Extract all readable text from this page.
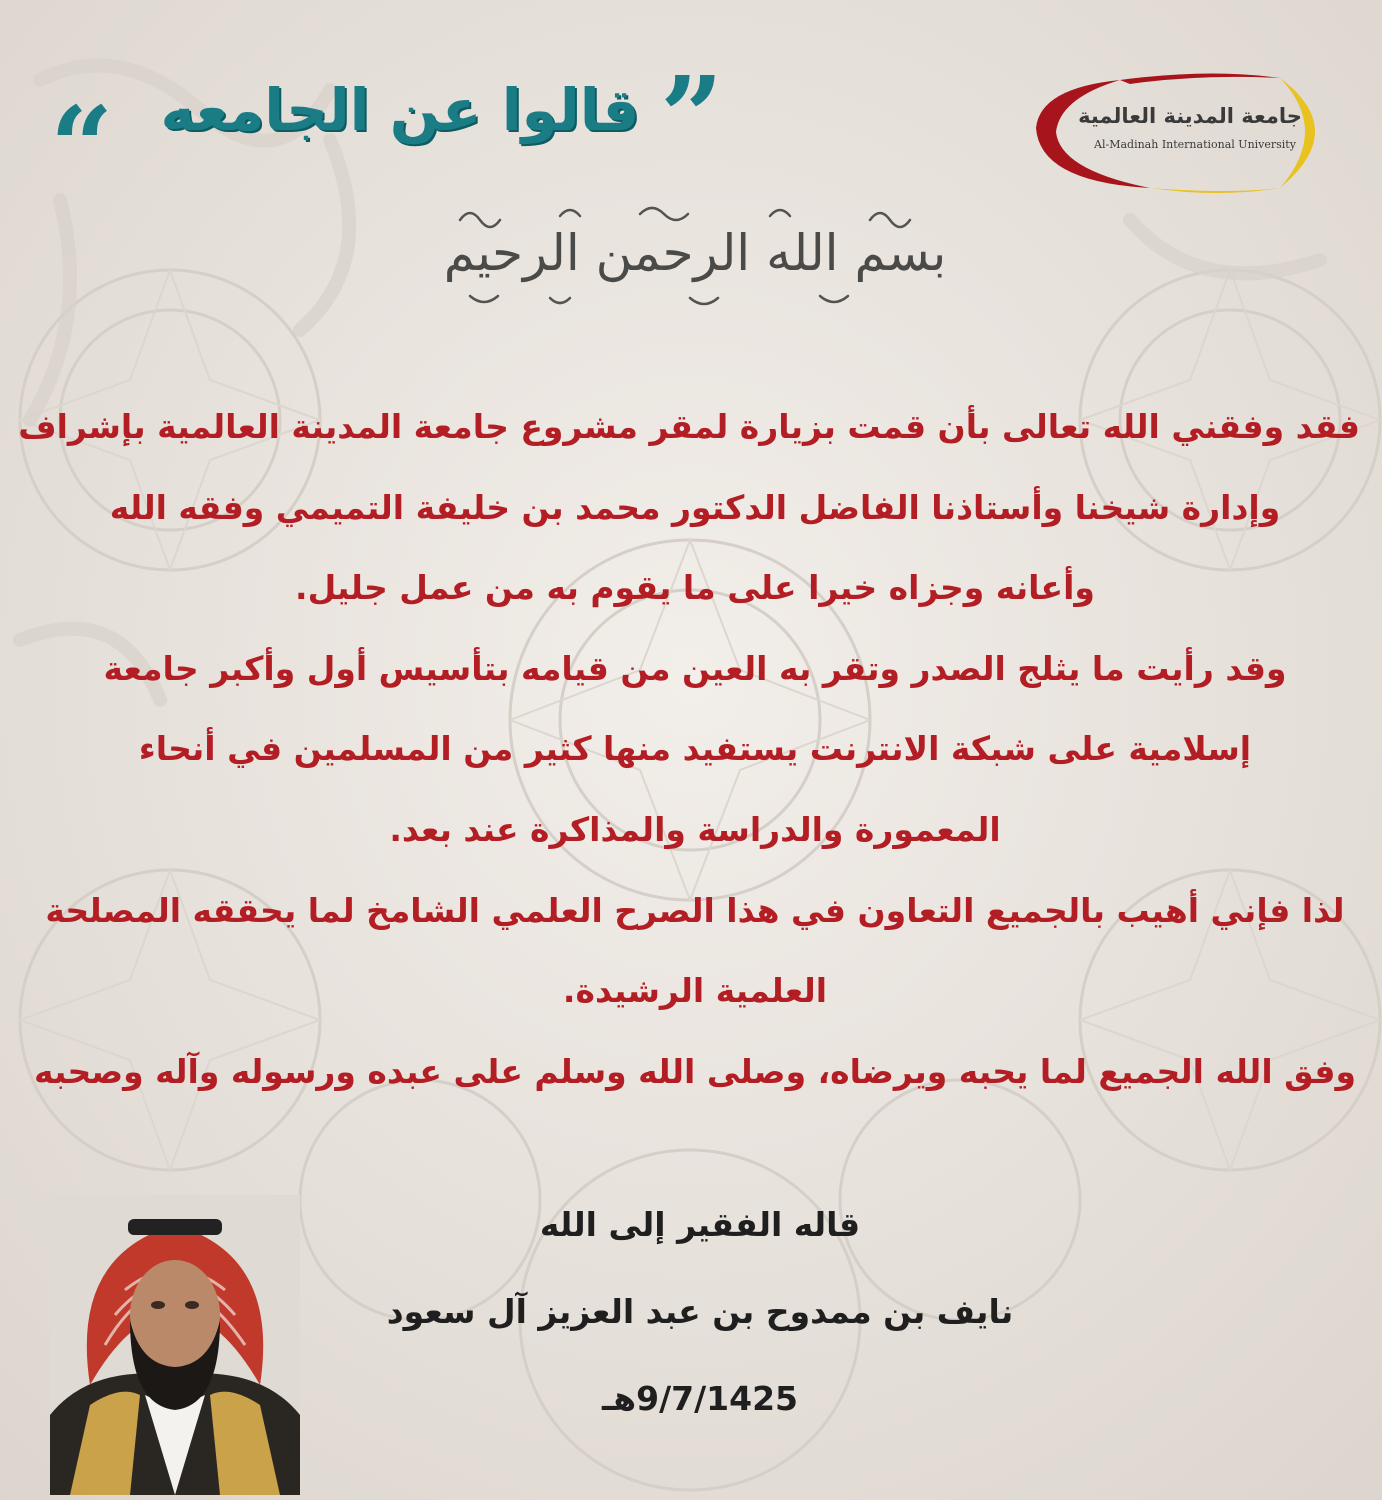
جامعة المدينة العالمية
Al-Madinah International University
”
قالوا عن الجامعه
“
بسم الله الرحمن الرحيم
فقد وفقني الله تعالى بأن قمت بزيارة لمقر مشروع جامعة المدينة العالمية بإشراف
وإدارة شيخنا وأستاذنا الفاضل الدكتور محمد بن خليفة التميمي وفقه الله
وأعانه وجزاه خيرا على ما يقوم به من عمل جليل.
وقد رأيت ما يثلج الصدر وتقر به العين من قيامه بتأسيس أول وأكبر جامعة
إسلامية على شبكة الانترنت يستفيد منها كثير من المسلمين في أنحاء
المعمورة والدراسة والمذاكرة عند بعد.
لذا فإني أهيب بالجميع التعاون في هذا الصرح العلمي الشامخ لما يحققه المصلحة
العلمية الرشيدة.
وفق الله الجميع لما يحبه ويرضاه، وصلى الله وسلم على عبده ورسوله وآله وصحبه
قاله الفقير إلى الله
نايف بن ممدوح بن عبد العزيز آل سعود
9/7/1425هـ
